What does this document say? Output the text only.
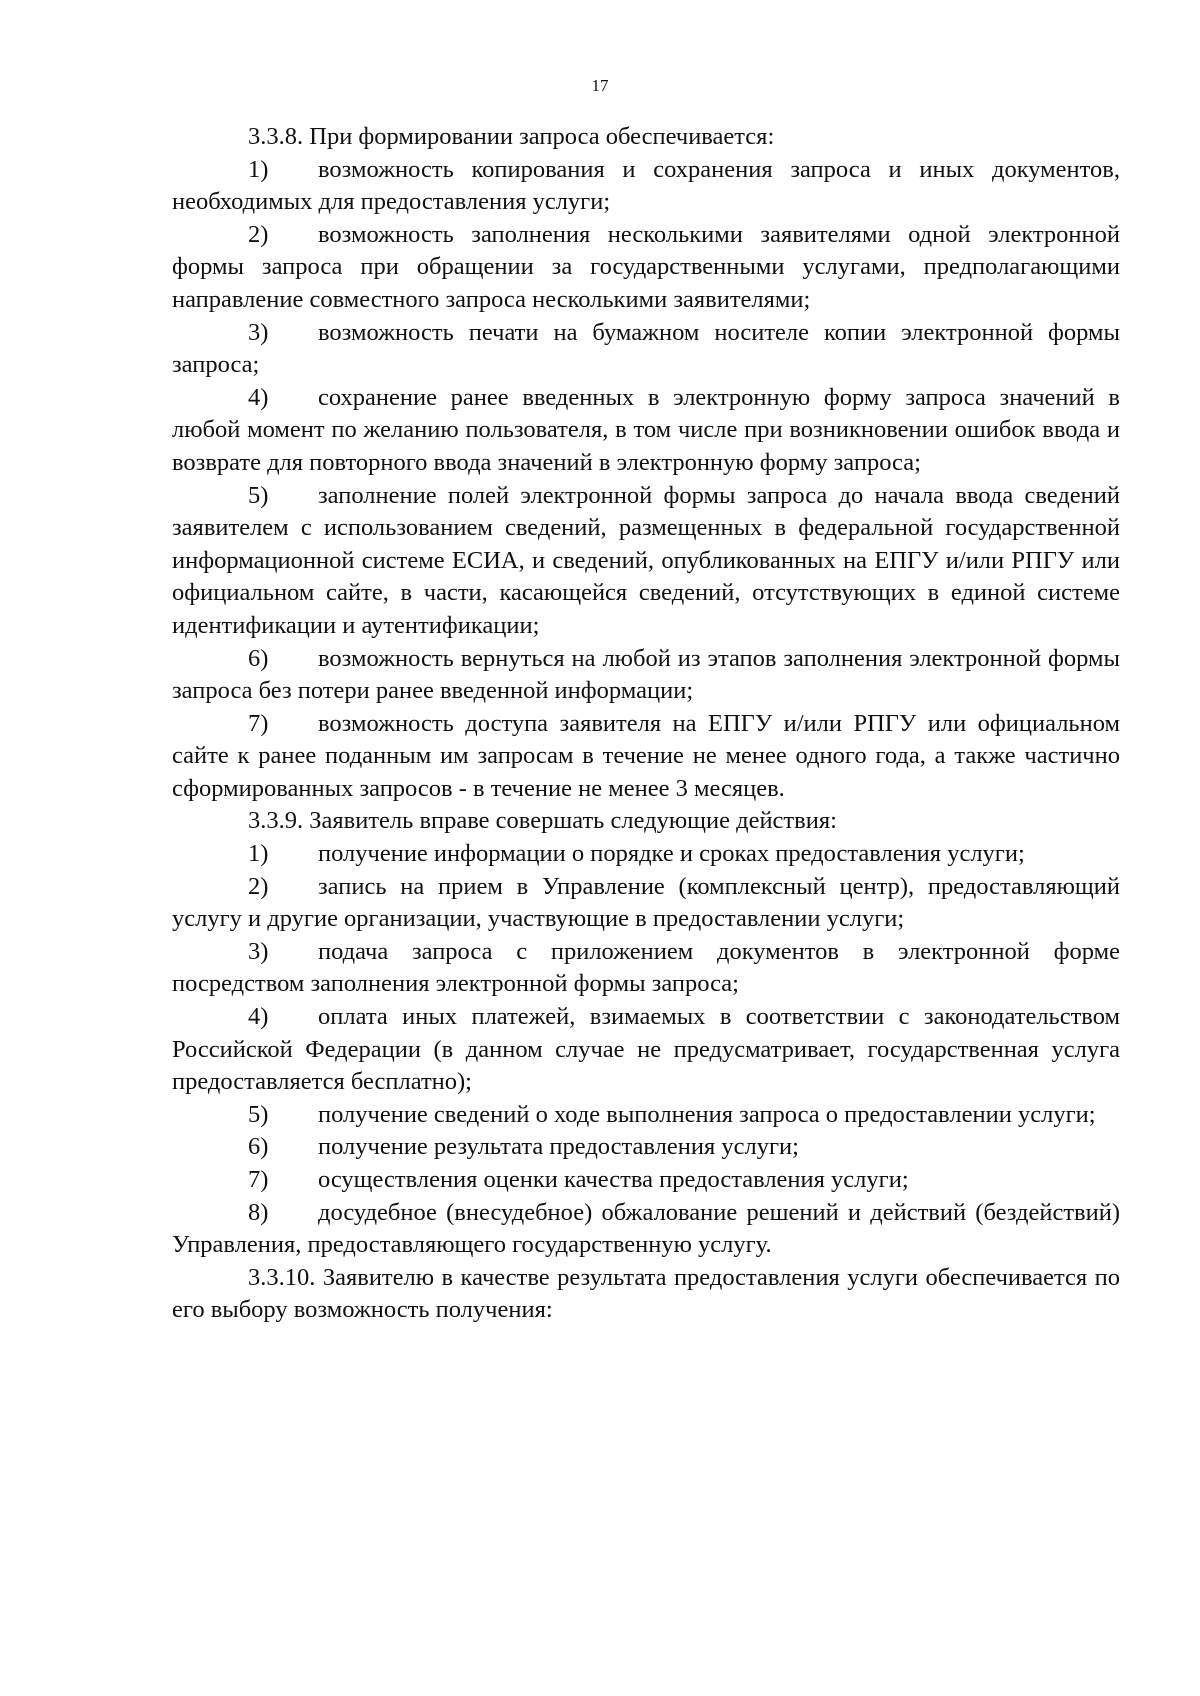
17

3.3.8. При формировании запроса обеспечивается:

1) возможность копирования и сохранения запроса и иных документов, необходимых для предоставления услуги;

2) возможность заполнения несколькими заявителями одной электронной формы запроса при обращении за государственными услугами, предполагающими направление совместного запроса несколькими заявителями;

3) возможность печати на бумажном носителе копии электронной формы запроса;

4) сохранение ранее введенных в электронную форму запроса значений в любой момент по желанию пользователя, в том числе при возникновении ошибок ввода и возврате для повторного ввода значений в электронную форму запроса;

5) заполнение полей электронной формы запроса до начала ввода сведений заявителем с использованием сведений, размещенных в федеральной государственной информационной системе ЕСИА, и сведений, опубликованных на ЕПГУ и/или РПГУ или официальном сайте, в части, касающейся сведений, отсутствующих в единой системе идентификации и аутентификации;

6) возможность вернуться на любой из этапов заполнения электронной формы запроса без потери ранее введенной информации;

7) возможность доступа заявителя на ЕПГУ и/или РПГУ или официальном сайте к ранее поданным им запросам в течение не менее одного года, а также частично сформированных запросов - в течение не менее 3 месяцев.

3.3.9. Заявитель вправе совершать следующие действия:

1) получение информации о порядке и сроках предоставления услуги;

2) запись на прием в Управление (комплексный центр), предоставляющий услугу и другие организации, участвующие в предоставлении услуги;

3) подача запроса с приложением документов в электронной форме посредством заполнения электронной формы запроса;

4) оплата иных платежей, взимаемых в соответствии с законодательством Российской Федерации (в данном случае не предусматривает, государственная услуга предоставляется бесплатно);

5) получение сведений о ходе выполнения запроса о предоставлении услуги;

6) получение результата предоставления услуги;

7) осуществления оценки качества предоставления услуги;

8) досудебное (внесудебное) обжалование решений и действий (бездействий) Управления, предоставляющего государственную услугу.

3.3.10. Заявителю в качестве результата предоставления услуги обеспечивается по его выбору возможность получения:
